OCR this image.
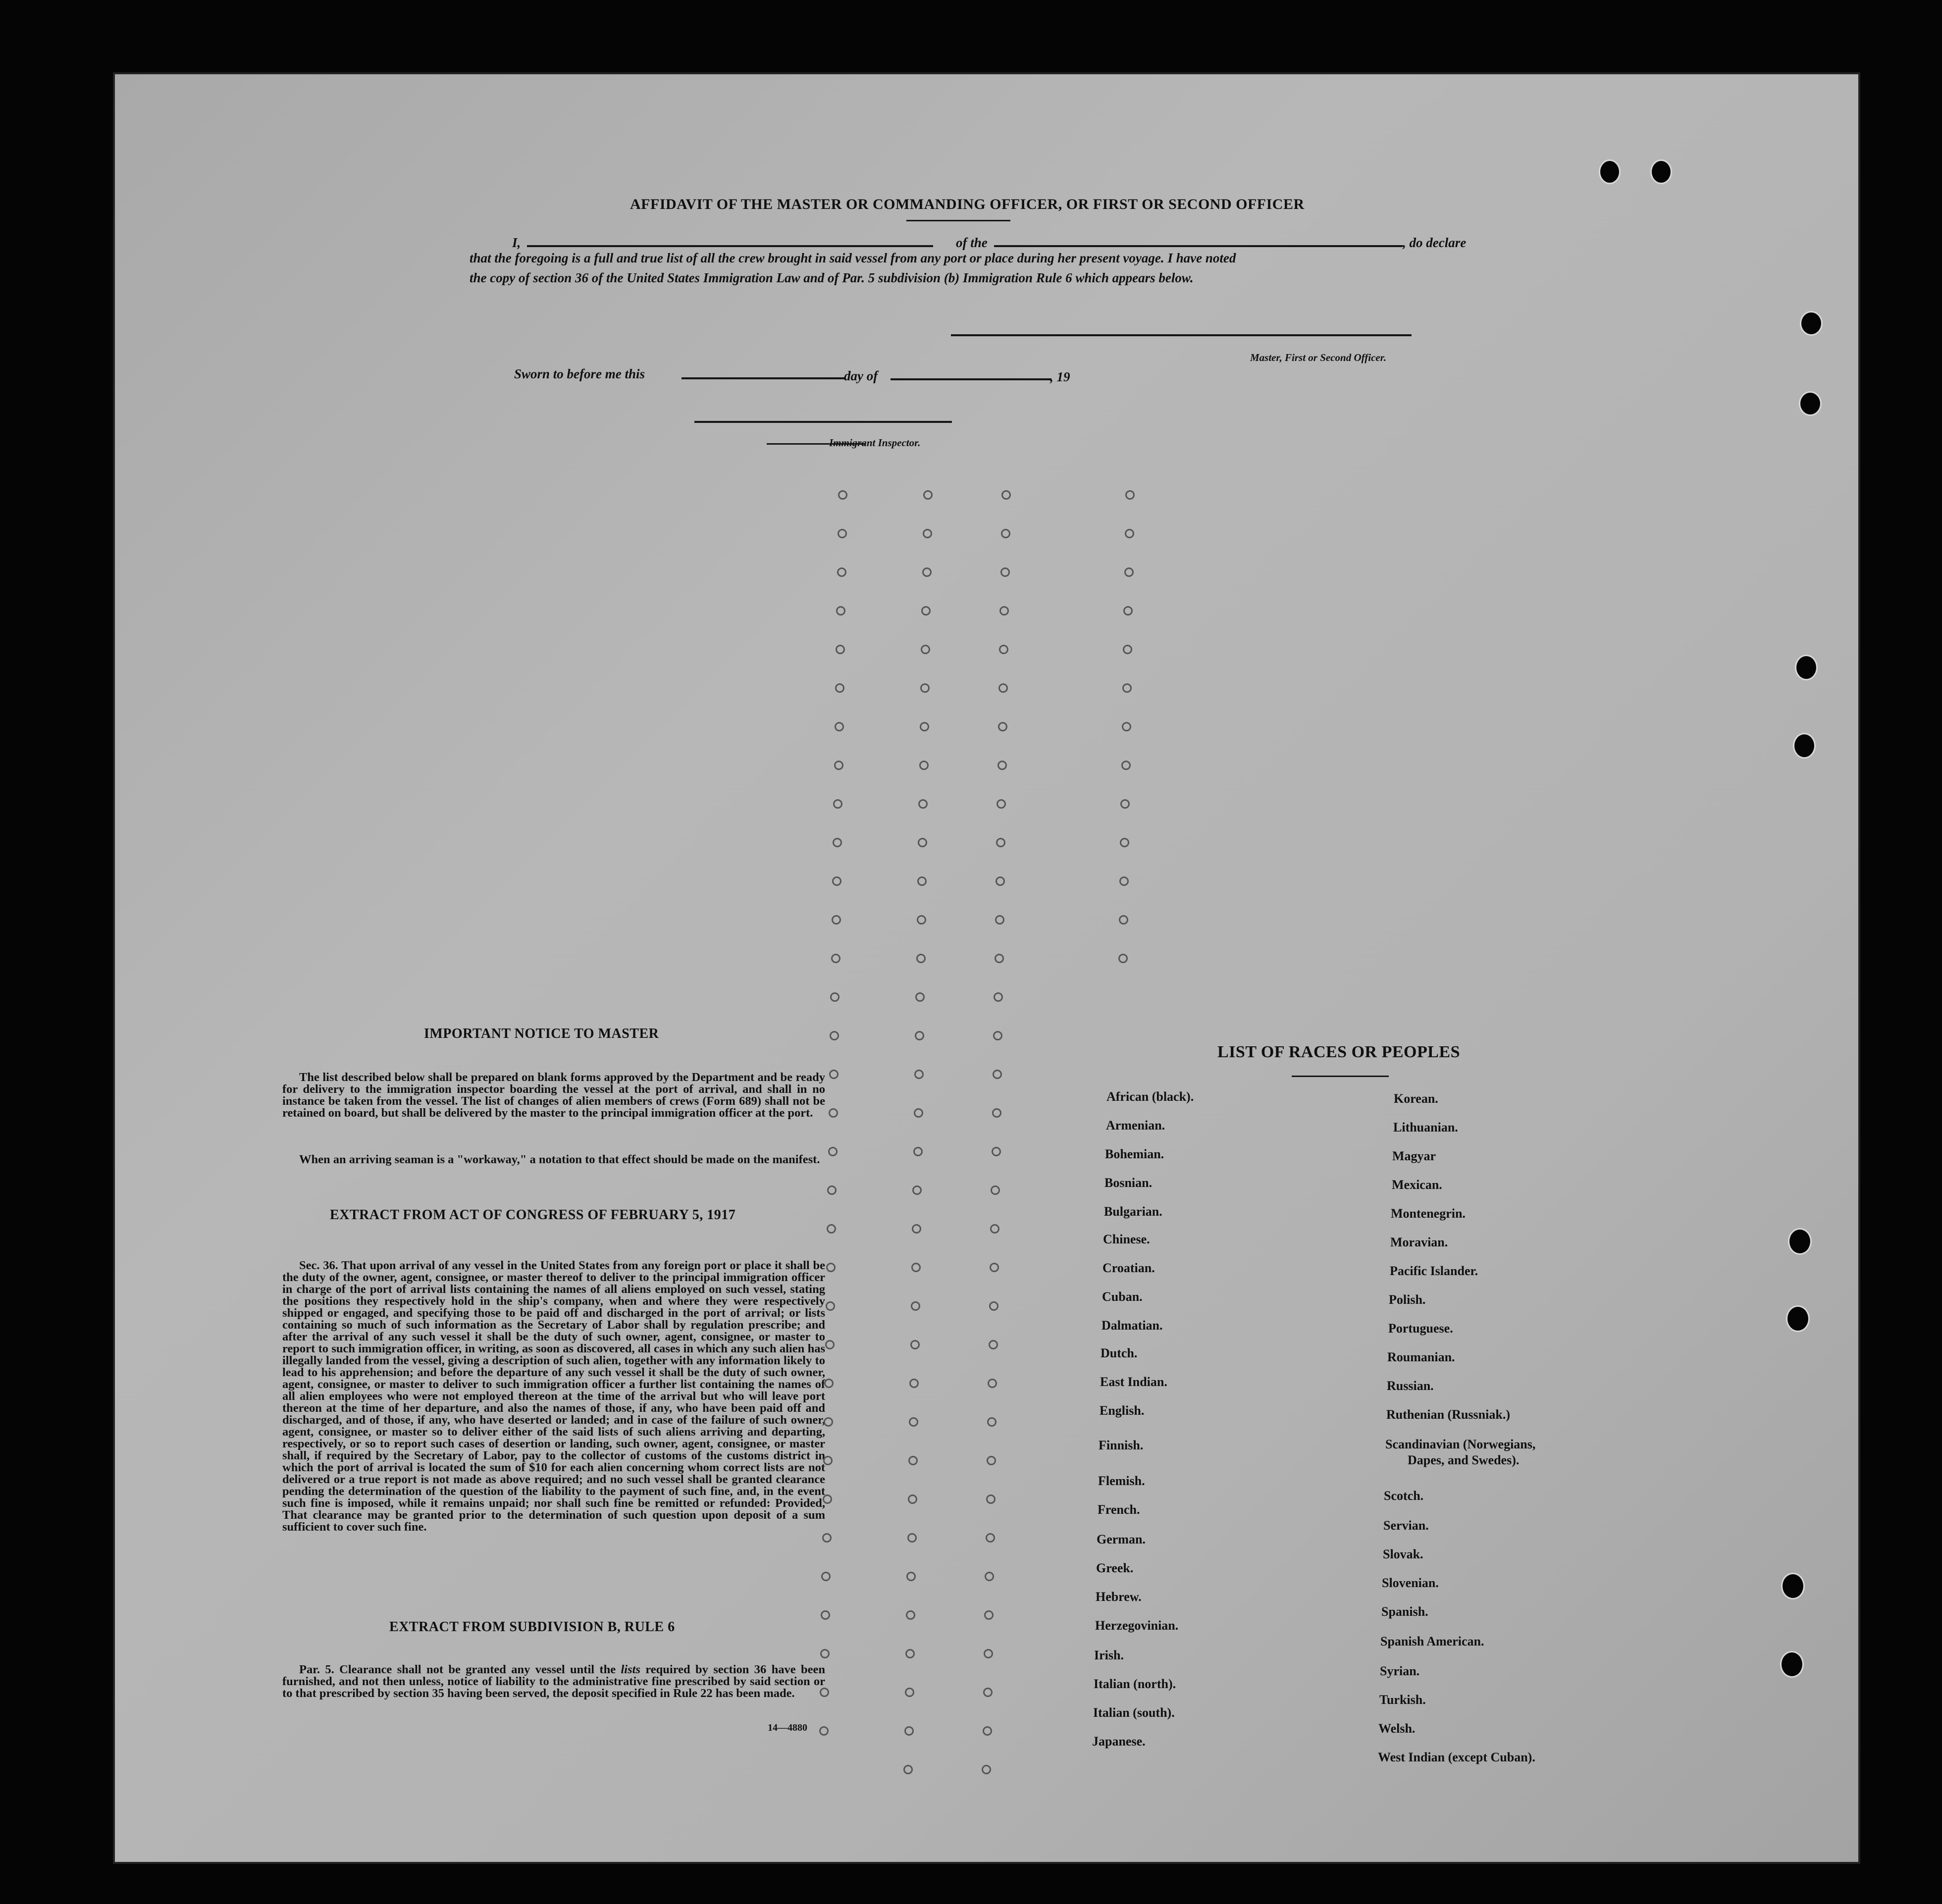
AFFIDAVIT OF THE MASTER OR COMMANDING OFFICER, OR FIRST OR SECOND OFFICER
I,	of the	, do declare
that the foregoing is a full and true list of all the crew brought in said vessel from any port or place during her present voyage. I have noted
the copy of section 36 of the United States Immigration Law and of Par. 5 subdivision (b) Immigration Rule 6 which appears below.
Master, First or Second Officer.
Sworn to before me this	day of	, 19
Immigrant Inspector.
IMPORTANT NOTICE TO MASTER
The list described below shall be prepared on blank forms approved by the Department and be ready for delivery to the immigration inspector boarding the vessel at the port of arrival, and shall in no instance be taken from the vessel. The list of changes of alien members of crews (Form 689) shall not be retained on board, but shall be delivered by the master to the principal immigration officer at the port.
When an arriving seaman is a "workaway," a notation to that effect should be made on the manifest.
EXTRACT FROM ACT OF CONGRESS OF FEBRUARY 5, 1917
Sec. 36. That upon arrival of any vessel in the United States from any foreign port or place it shall be the duty of the owner, agent, consignee, or master thereof to deliver to the principal immigration officer in charge of the port of arrival lists containing the names of all aliens employed on such vessel, stating the positions they respectively hold in the ship's company, when and where they were respectively shipped or engaged, and specifying those to be paid off and discharged in the port of arrival; or lists containing so much of such information as the Secretary of Labor shall by regulation prescribe; and after the arrival of any such vessel it shall be the duty of such owner, agent, consignee, or master to report to such immigration officer, in writing, as soon as discovered, all cases in which any such alien has illegally landed from the vessel, giving a description of such alien, together with any information likely to lead to his apprehension; and before the departure of any such vessel it shall be the duty of such owner, agent, consignee, or master to deliver to such immigration officer a further list containing the names of all alien employees who were not employed thereon at the time of the arrival but who will leave port thereon at the time of her departure, and also the names of those, if any, who have been paid off and discharged, and of those, if any, who have deserted or landed; and in case of the failure of such owner, agent, consignee, or master so to deliver either of the said lists of such aliens arriving and departing, respectively, or so to report such cases of desertion or landing, such owner, agent, consignee, or master shall, if required by the Secretary of Labor, pay to the collector of customs of the customs district in which the port of arrival is located the sum of $10 for each alien concerning whom correct lists are not delivered or a true report is not made as above required; and no such vessel shall be granted clearance pending the determination of the question of the liability to the payment of such fine, and, in the event such fine is imposed, while it remains unpaid; nor shall such fine be remitted or refunded: Provided, That clearance may be granted prior to the determination of such question upon deposit of a sum sufficient to cover such fine.
EXTRACT FROM SUBDIVISION B, RULE 6
Par. 5. Clearance shall not be granted any vessel until the lists required by section 36 have been furnished, and not then unless, notice of liability to the administrative fine prescribed by said section or to that prescribed by section 35 having been served, the deposit specified in Rule 22 has been made.
14—4880
LIST OF RACES OR PEOPLES
African (black).
Armenian.
Bohemian.
Bosnian.
Bulgarian.
Chinese.
Croatian.
Cuban.
Dalmatian.
Dutch.
East Indian.
English.
Finnish.
Flemish.
French.
German.
Greek.
Hebrew.
Herzegovinian.
Irish.
Italian (north).
Italian (south).
Japanese.
Korean.
Lithuanian.
Magyar
Mexican.
Montenegrin.
Moravian.
Pacific Islander.
Polish.
Portuguese.
Roumanian.
Russian.
Ruthenian (Russniak.)
Scandinavian (Norwegians,
Dapes, and Swedes).
Scotch.
Servian.
Slovak.
Slovenian.
Spanish.
Spanish American.
Syrian.
Turkish.
Welsh.
West Indian (except Cuban).
